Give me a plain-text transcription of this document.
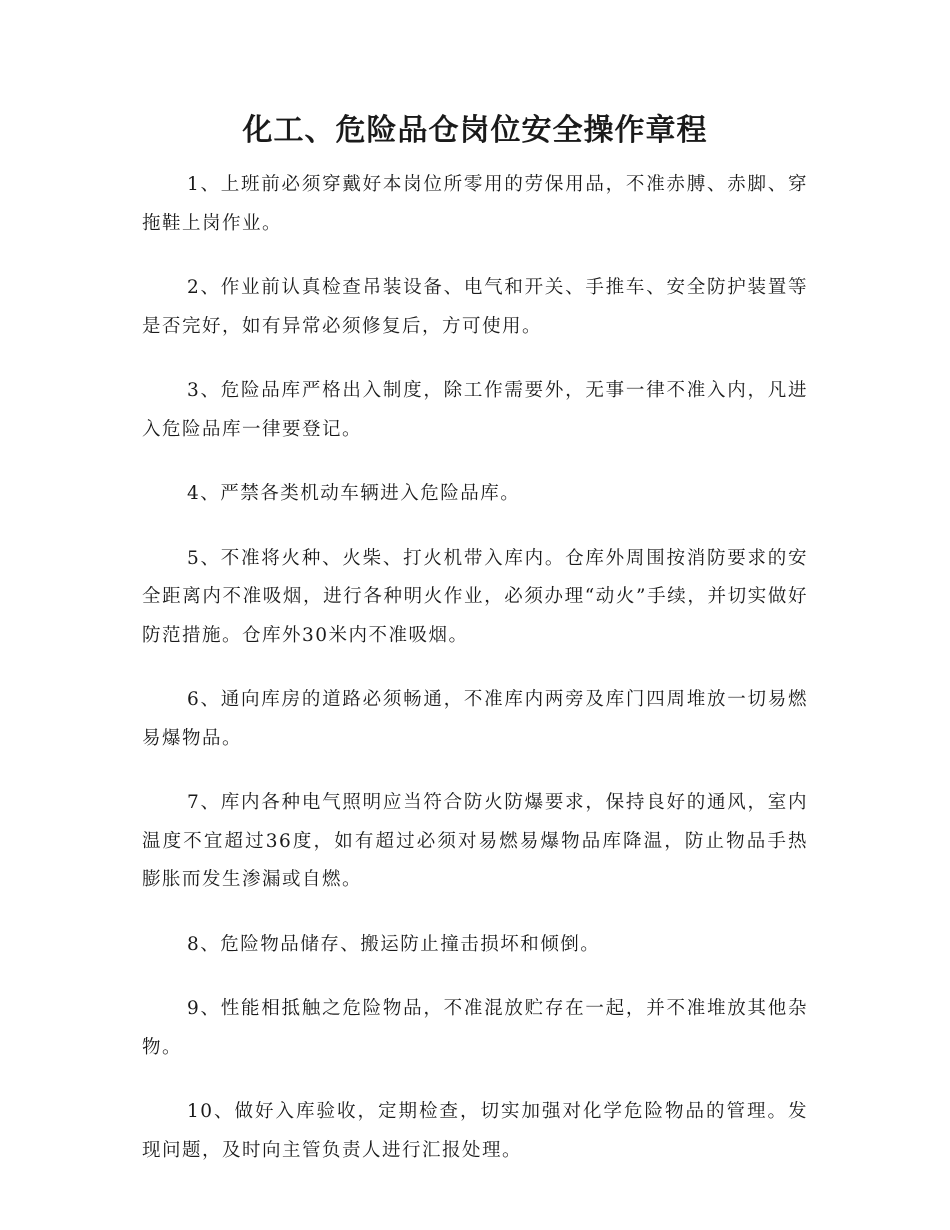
化工、危险品仓岗位安全操作章程

1、上班前必须穿戴好本岗位所零用的劳保用品，不准赤膊、赤脚、穿拖鞋上岗作业。

2、作业前认真检查吊装设备、电气和开关、手推车、安全防护装置等是否完好，如有异常必须修复后，方可使用。

3、危险品库严格出入制度，除工作需要外，无事一律不准入内，凡进入危险品库一律要登记。

4、严禁各类机动车辆进入危险品库。

5、不准将火种、火柴、打火机带入库内。仓库外周围按消防要求的安全距离内不准吸烟，进行各种明火作业，必须办理“动火”手续，并切实做好防范措施。仓库外30米内不准吸烟。

6、通向库房的道路必须畅通，不准库内两旁及库门四周堆放一切易燃易爆物品。

7、库内各种电气照明应当符合防火防爆要求，保持良好的通风，室内温度不宜超过36度，如有超过必须对易燃易爆物品库降温，防止物品手热膨胀而发生渗漏或自燃。

8、危险物品储存、搬运防止撞击损坏和倾倒。

9、性能相抵触之危险物品，不准混放贮存在一起，并不准堆放其他杂物。

10、做好入库验收，定期检查，切实加强对化学危险物品的管理。发现问题，及时向主管负责人进行汇报处理。
